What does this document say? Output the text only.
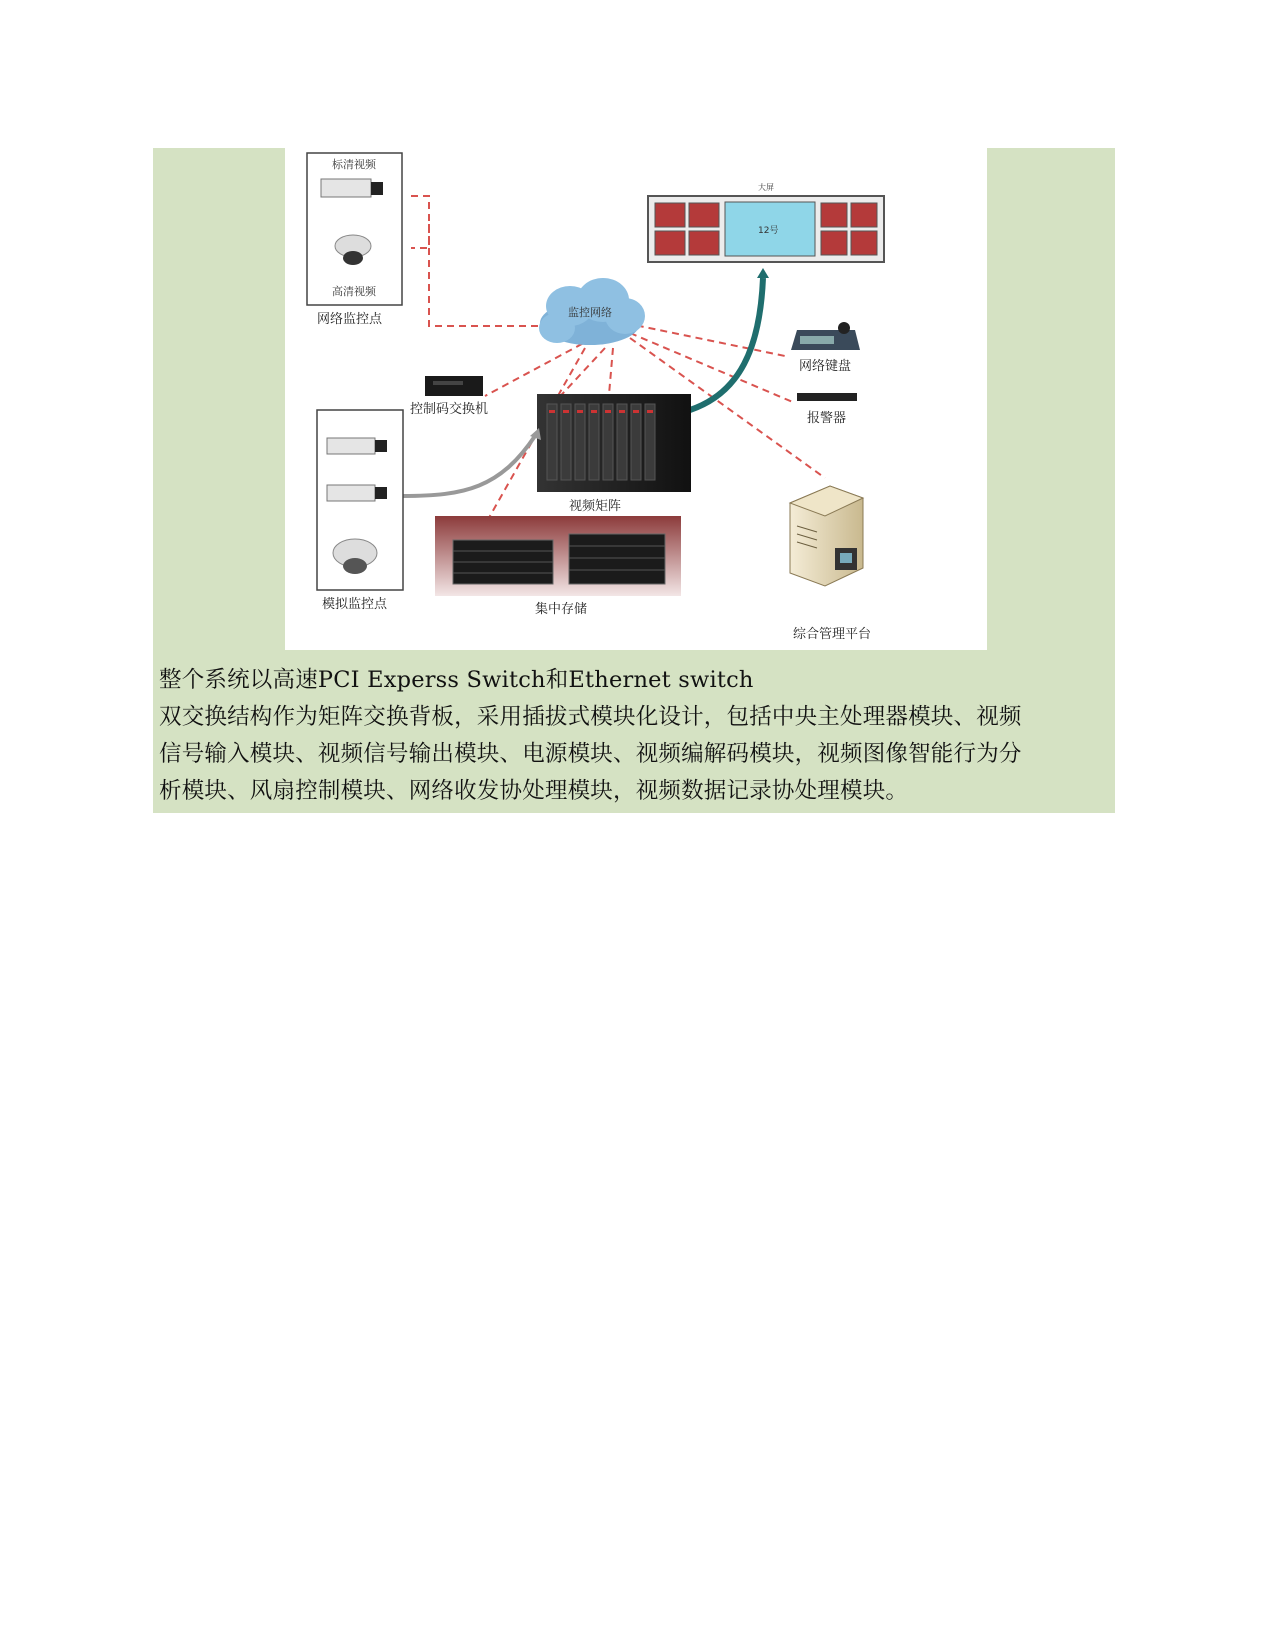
标清视频
高清视频
网络监控点	监控网络
大屏
12号
网络键盘
报警器
控制码交换机
视频矩阵
模拟监控点	集中存储
综合管理平台

整个系统以高速PCI Experss Switch和Ethernet switch

双交换结构作为矩阵交换背板，采用插拔式模块化设计，包括中央主处理器模块、视频

信号输入模块、视频信号输出模块、电源模块、视频编解码模块，视频图像智能行为分

析模块、风扇控制模块、网络收发协处理模块，视频数据记录协处理模块。
